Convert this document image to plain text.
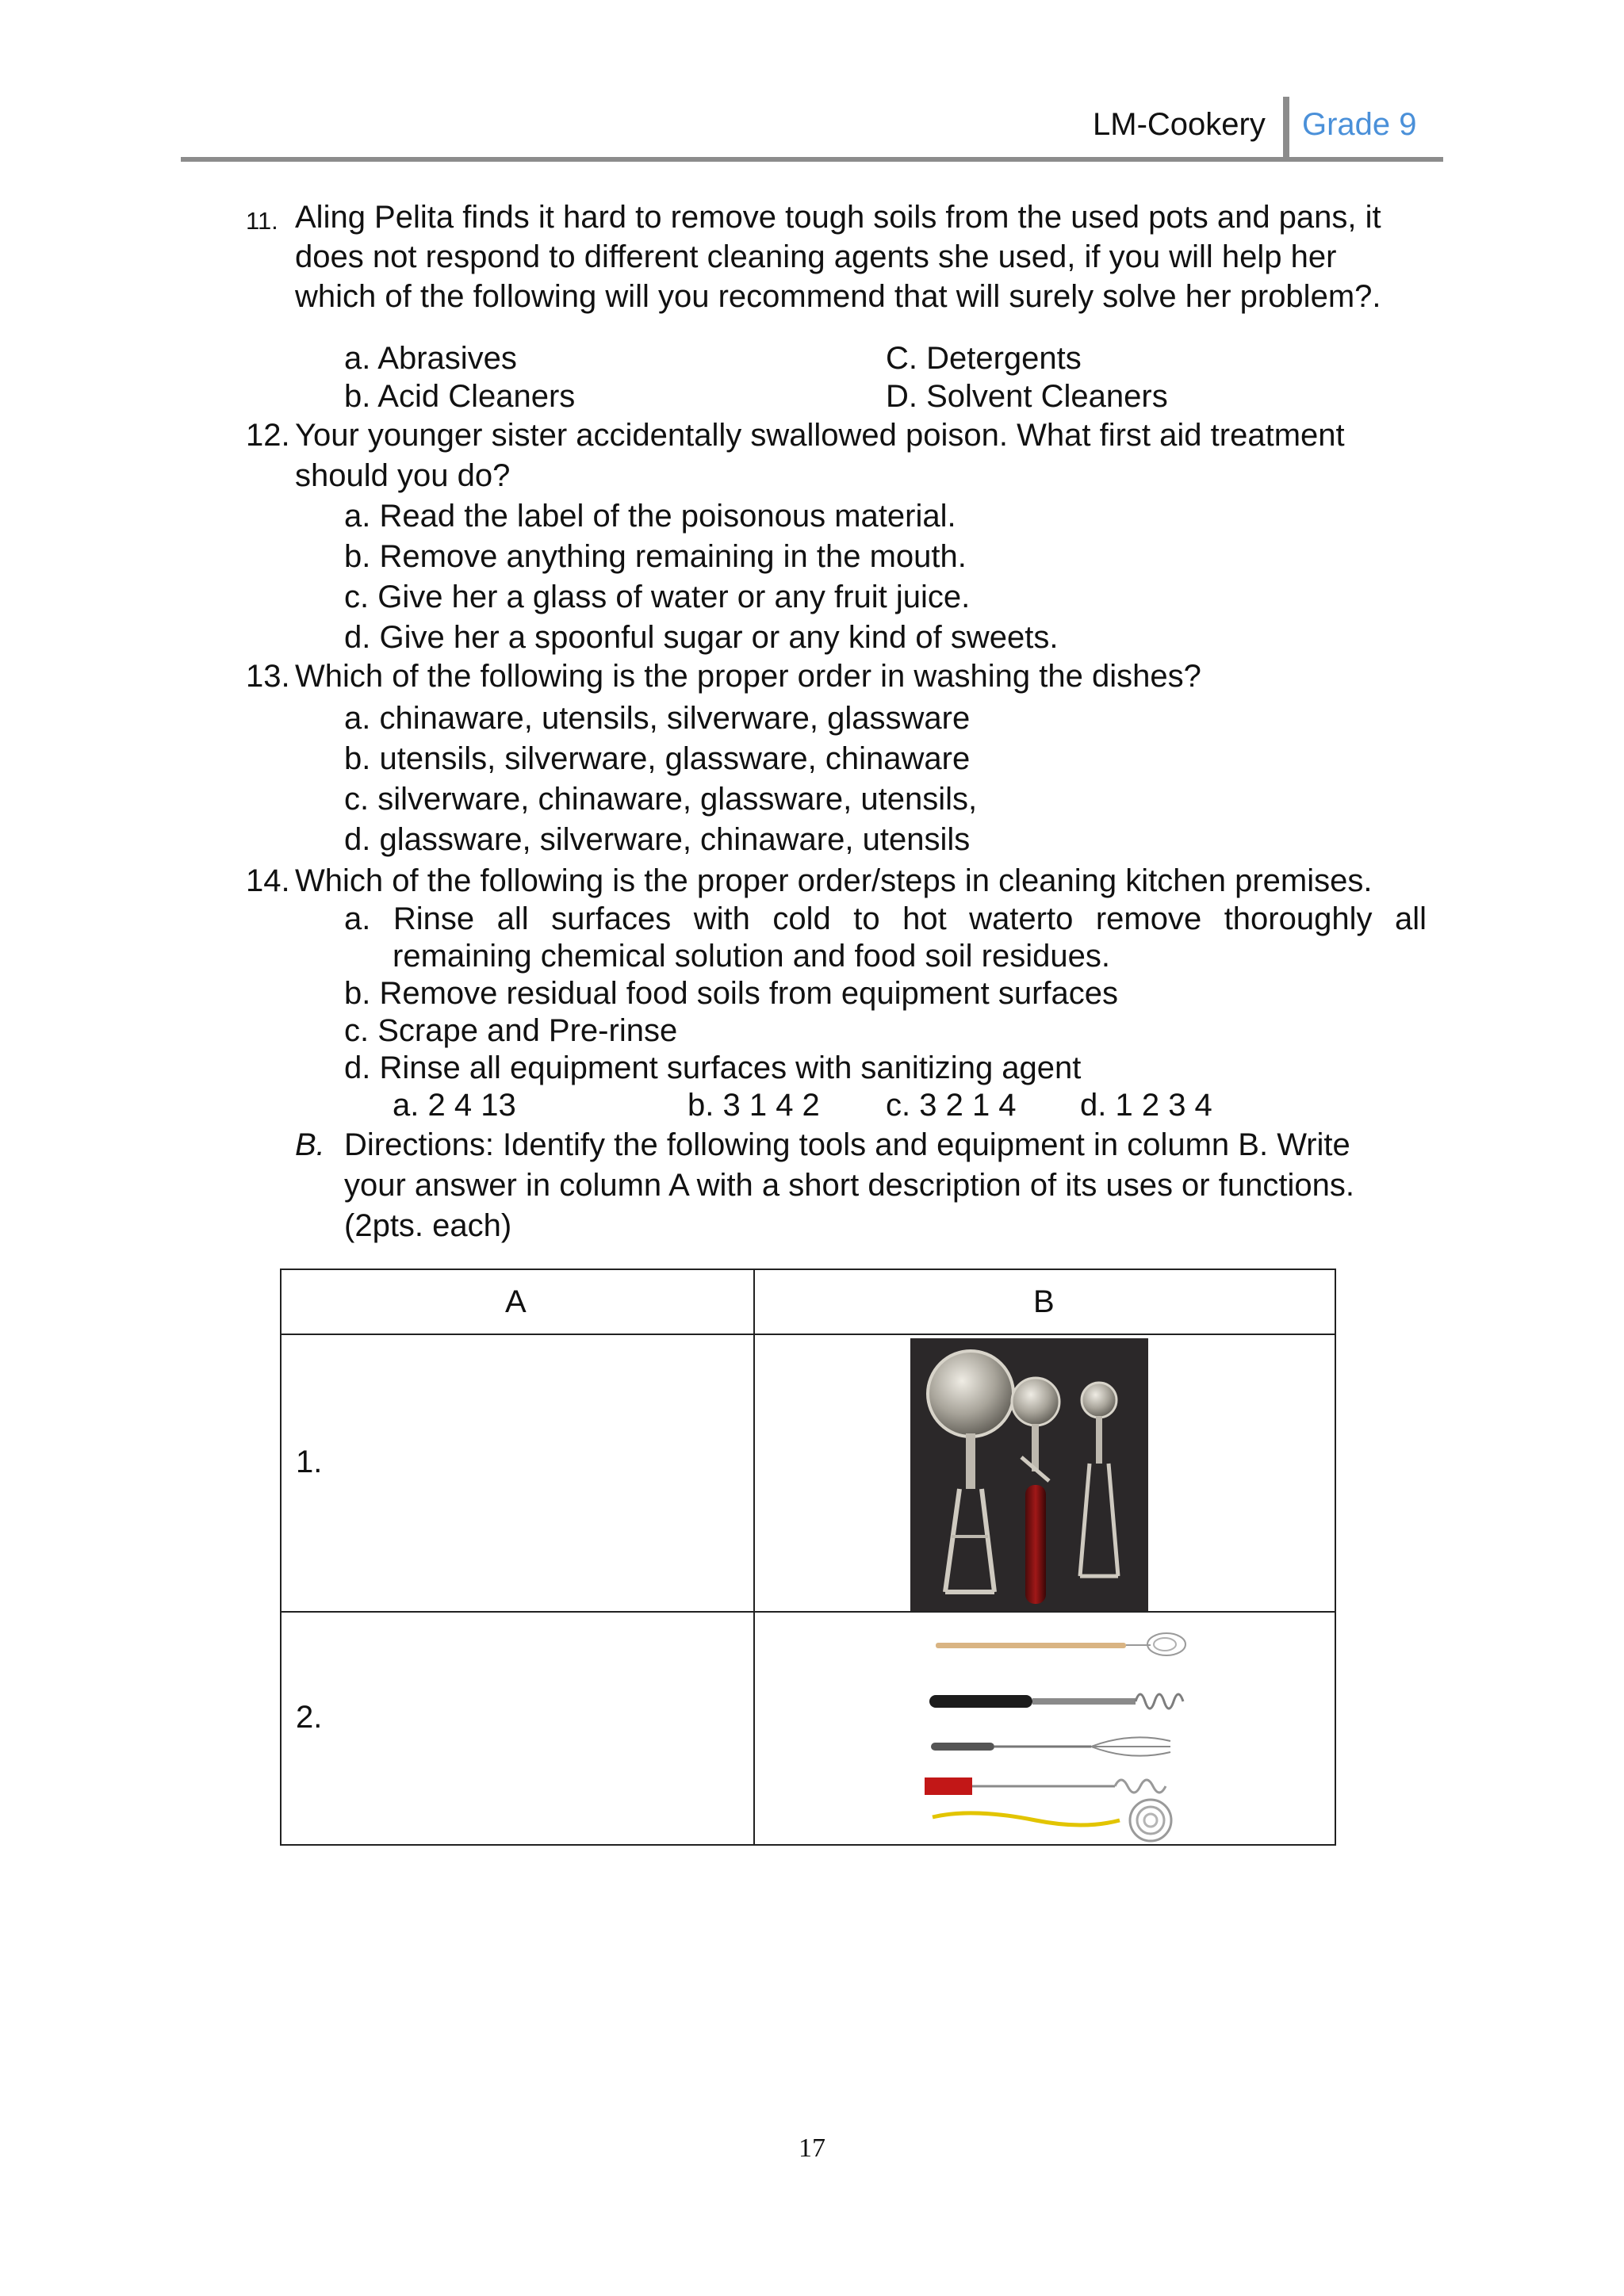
LM-Cookery Grade 9
11. Aling Pelita finds it hard to remove tough soils from the used pots and pans, it
does not respond to different cleaning agents she used, if you will help her
which of the following will you recommend that will surely solve her problem?.
a. Abrasives
b. Acid Cleaners
C. Detergents
D. Solvent Cleaners
12. Your younger sister accidentally swallowed poison. What first aid treatment
should you do?
a. Read the label of the poisonous material.
b. Remove anything remaining in the mouth.
c. Give her a glass of water or any fruit juice.
d. Give her a spoonful sugar or any kind of sweets.
13. Which of the following is the proper order in washing the dishes?
a. chinaware, utensils, silverware, glassware
b. utensils, silverware, glassware, chinaware
c. silverware, chinaware, glassware, utensils,
d. glassware, silverware, chinaware, utensils
14. Which of the following is the proper order/steps in cleaning kitchen premises.
a. Rinse all surfaces with cold to hot waterto remove thoroughly all
remaining chemical solution and food soil residues.
b. Remove residual food soils from equipment surfaces
c. Scrape and Pre-rinse
d. Rinse all equipment surfaces with sanitizing agent
a. 2 4 13	b. 3 1 4 2 c. 3 2 1 4 d. 1 2 3 4
B. Directions: Identify the following tools and equipment in column B. Write
your answer in column A with a short description of its uses or functions.
(2pts. each)
A	B
1.
2.
17
